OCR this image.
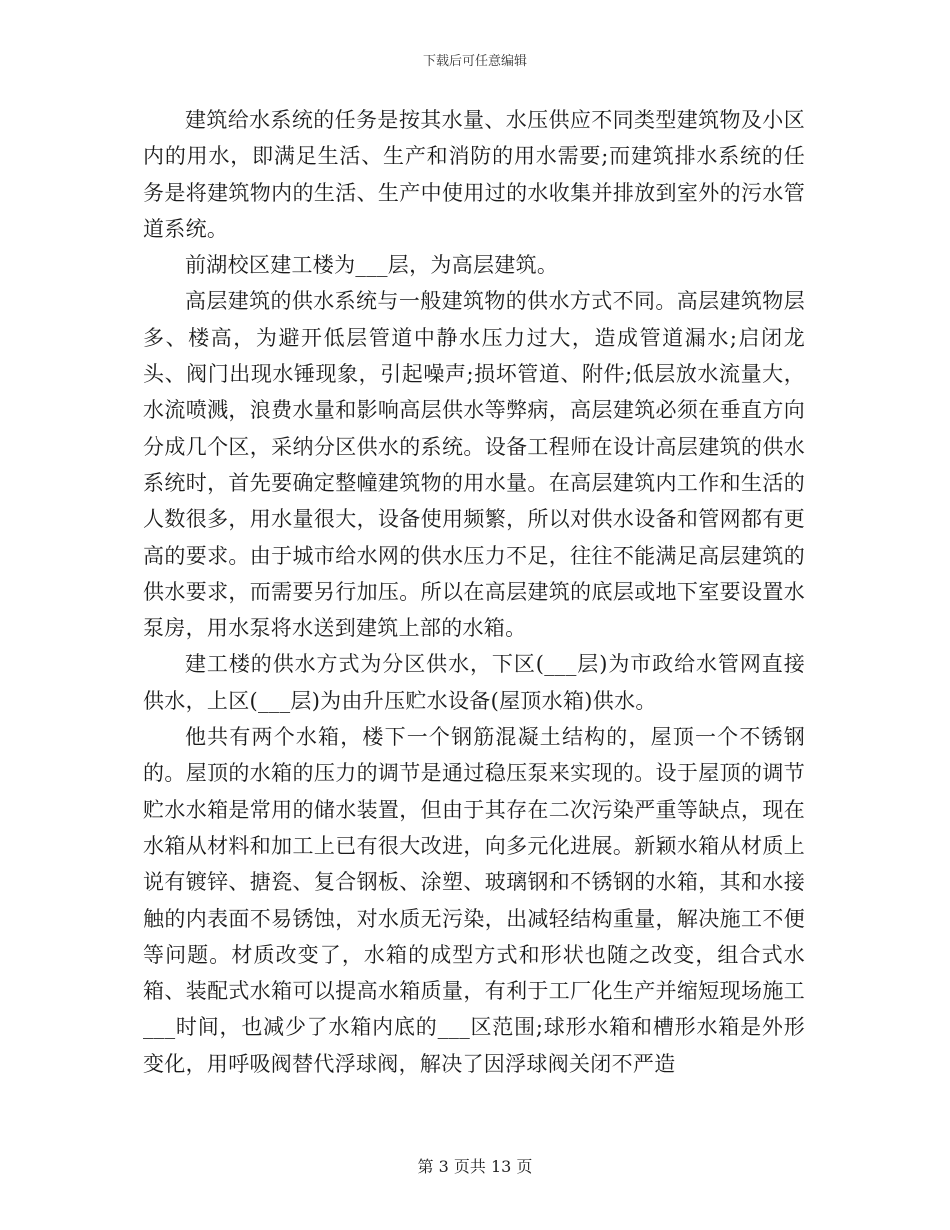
下载后可任意编辑

建筑给水系统的任务是按其水量、水压供应不同类型建筑物及小区内的用水，即满足生活、生产和消防的用水需要;而建筑排水系统的任务是将建筑物内的生活、生产中使用过的水收集并排放到室外的污水管道系统。

前湖校区建工楼为___层，为高层建筑。

高层建筑的供水系统与一般建筑物的供水方式不同。高层建筑物层多、楼高，为避开低层管道中静水压力过大，造成管道漏水;启闭龙头、阀门出现水锤现象，引起噪声;损坏管道、附件;低层放水流量大，水流喷溅，浪费水量和影响高层供水等弊病，高层建筑必须在垂直方向分成几个区，采纳分区供水的系统。设备工程师在设计高层建筑的供水系统时，首先要确定整幢建筑物的用水量。在高层建筑内工作和生活的人数很多，用水量很大，设备使用频繁，所以对供水设备和管网都有更高的要求。由于城市给水网的供水压力不足，往往不能满足高层建筑的供水要求，而需要另行加压。所以在高层建筑的底层或地下室要设置水泵房，用水泵将水送到建筑上部的水箱。

建工楼的供水方式为分区供水，下区(___层)为市政给水管网直接供水，上区(___层)为由升压贮水设备(屋顶水箱)供水。

他共有两个水箱，楼下一个钢筋混凝土结构的，屋顶一个不锈钢的。屋顶的水箱的压力的调节是通过稳压泵来实现的。设于屋顶的调节贮水水箱是常用的储水装置，但由于其存在二次污染严重等缺点，现在水箱从材料和加工上已有很大改进，向多元化进展。新颖水箱从材质上说有镀锌、搪瓷、复合钢板、涂塑、玻璃钢和不锈钢的水箱，其和水接触的内表面不易锈蚀，对水质无污染，出减轻结构重量，解决施工不便等问题。材质改变了，水箱的成型方式和形状也随之改变，组合式水箱、装配式水箱可以提高水箱质量，有利于工厂化生产并缩短现场施工___时间，也减少了水箱内底的___区范围;球形水箱和槽形水箱是外形变化，用呼吸阀替代浮球阀，解决了因浮球阀关闭不严造

第 3 页共 13 页
